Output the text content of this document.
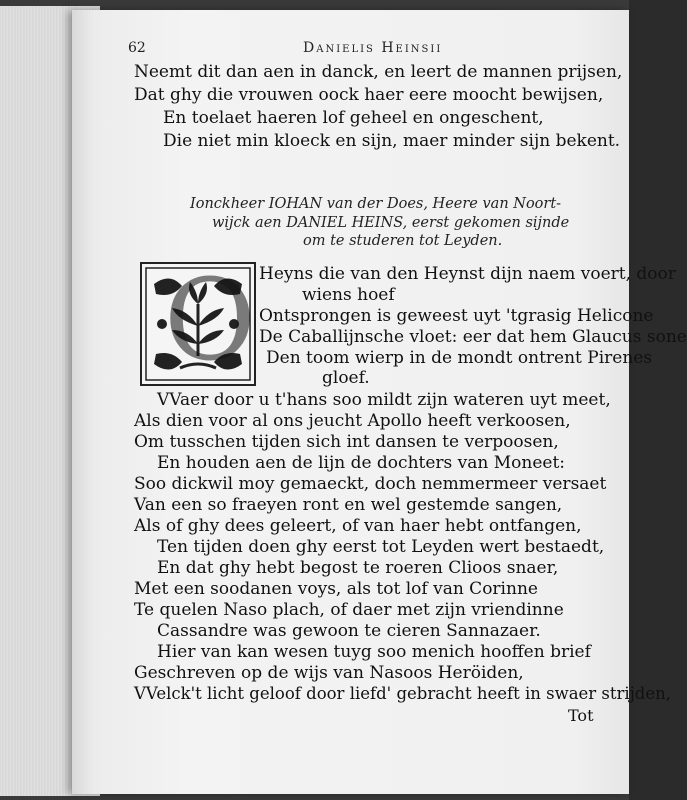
62	Danielis Heinsii
Neemt dit dan aen in danck, en leert de mannen prijsen,
Dat ghy die vrouwen oock haer eere moocht bewijsen,
En toelaet haeren lof geheel en ongeschent,
Die niet min kloeck en sijn, maer minder sijn bekent.
Ionckheer IOHAN van der Does, Heere van Noort-
wijck aen DANIEL HEINS, eerst gekomen sijnde
om te studeren tot Leyden.
O Heyns die van den Heynst dijn naem voert, door
wiens hoef
Ontsprongen is geweest uyt 'tgrasig Helicone
De Caballijnsche vloet: eer dat hem Glaucus sone
Den toom wierp in de mondt ontrent Pirenes
gloef.
VVaer door u t'hans soo mildt zijn wateren uyt meet,
Als dien voor al ons jeucht Apollo heeft verkoosen,
Om tusschen tijden sich int dansen te verpoosen,
En houden aen de lijn de dochters van Moneet:
Soo dickwil moy gemaeckt, doch nemmermeer versaet
Van een so fraeyen ront en wel gestemde sangen,
Als of ghy dees geleert, of van haer hebt ontfangen,
Ten tijden doen ghy eerst tot Leyden wert bestaedt,
En dat ghy hebt begost te roeren Clioos snaer,
Met een soodanen voys, als tot lof van Corinne
Te quelen Naso plach, of daer met zijn vriendinne
Cassandre was gewoon te cieren Sannazaer.
Hier van kan wesen tuyg soo menich hooffen brief
Geschreven op de wijs van Nasoos Heröiden,
VVelck't licht geloof door liefd' gebracht heeft in swaer strijden,
Tot
